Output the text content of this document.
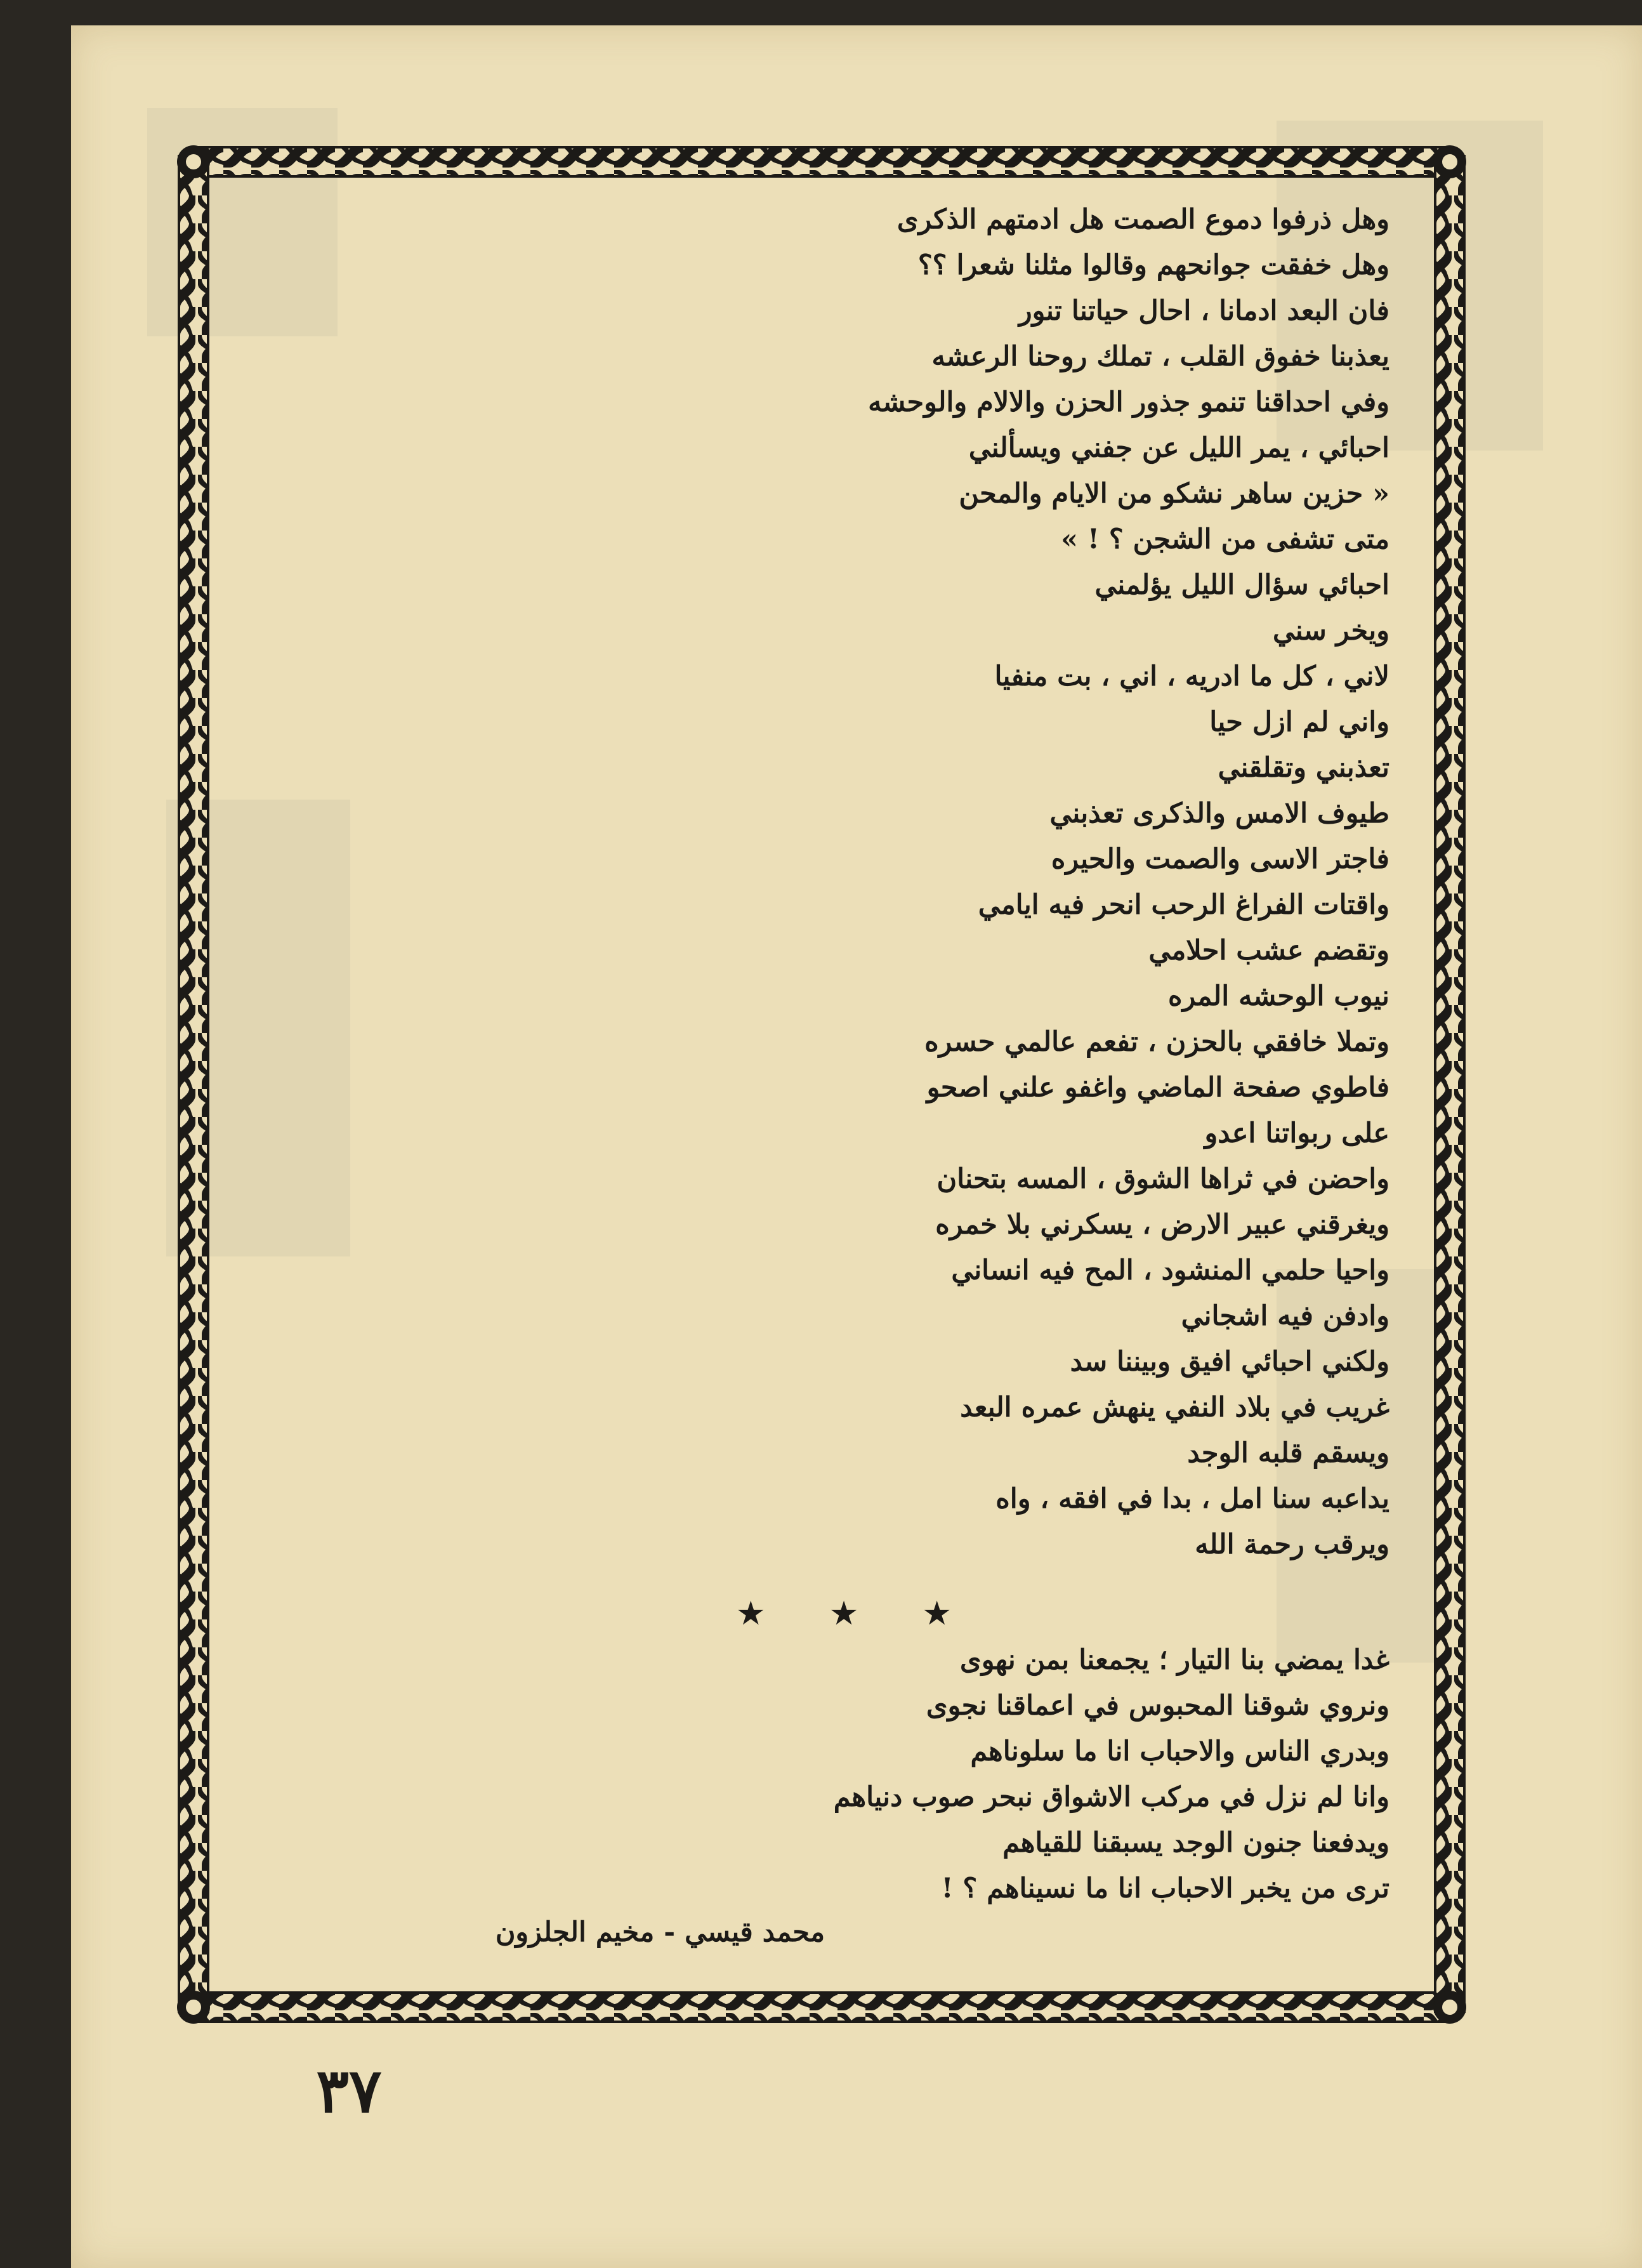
وهل ذرفوا دموع الصمت هل ادمتهم الذكرى
وهل خفقت جوانحهم وقالوا مثلنا شعرا ؟؟
فان البعد ادمانا ، احال حياتنا تنور
يعذبنا خفوق القلب ، تملك روحنا الرعشه
وفي احداقنا تنمو جذور الحزن والالام والوحشه
احبائي ، يمر الليل عن جفني ويسألني
« حزين ساهر نشكو من الايام والمحن
متى تشفى من الشجن ؟ ! »
احبائي سؤال الليل يؤلمني
ويخر سني
لاني ، كل ما ادريه ، اني ، بت منفيا
واني لم ازل حيا
تعذبني وتقلقني
طيوف الامس والذكرى تعذبني
فاجتر الاسى والصمت والحيره
واقتات الفراغ الرحب انحر فيه ايامي
وتقضم عشب احلامي
نيوب الوحشه المره
وتملا خافقي بالحزن ، تفعم عالمي حسره
فاطوي صفحة الماضي واغفو علني اصحو
على ربواتنا اعدو
واحضن في ثراها الشوق ، المسه بتحنان
ويغرقني عبير الارض ، يسكرني بلا خمره
واحيا حلمي المنشود ، المح فيه انساني
وادفن فيه اشجاني
ولكني احبائي افيق وبيننا سد
غريب في بلاد النفي ينهش عمره البعد
ويسقم قلبه الوجد
يداعبه سنا امل ، بدا في افقه ، واه
ويرقب رحمة الله
★ ★ ★
غدا يمضي بنا التيار ؛ يجمعنا بمن نهوى
ونروي شوقنا المحبوس في اعماقنا نجوى
وبدري الناس والاحباب انا ما سلوناهم
وانا لم نزل في مركب الاشواق نبحر صوب دنياهم
ويدفعنا جنون الوجد يسبقنا للقياهم
ترى من يخبر الاحباب انا ما نسيناهم ؟ !
محمد قيسي - مخيم الجلزون
٣٧
